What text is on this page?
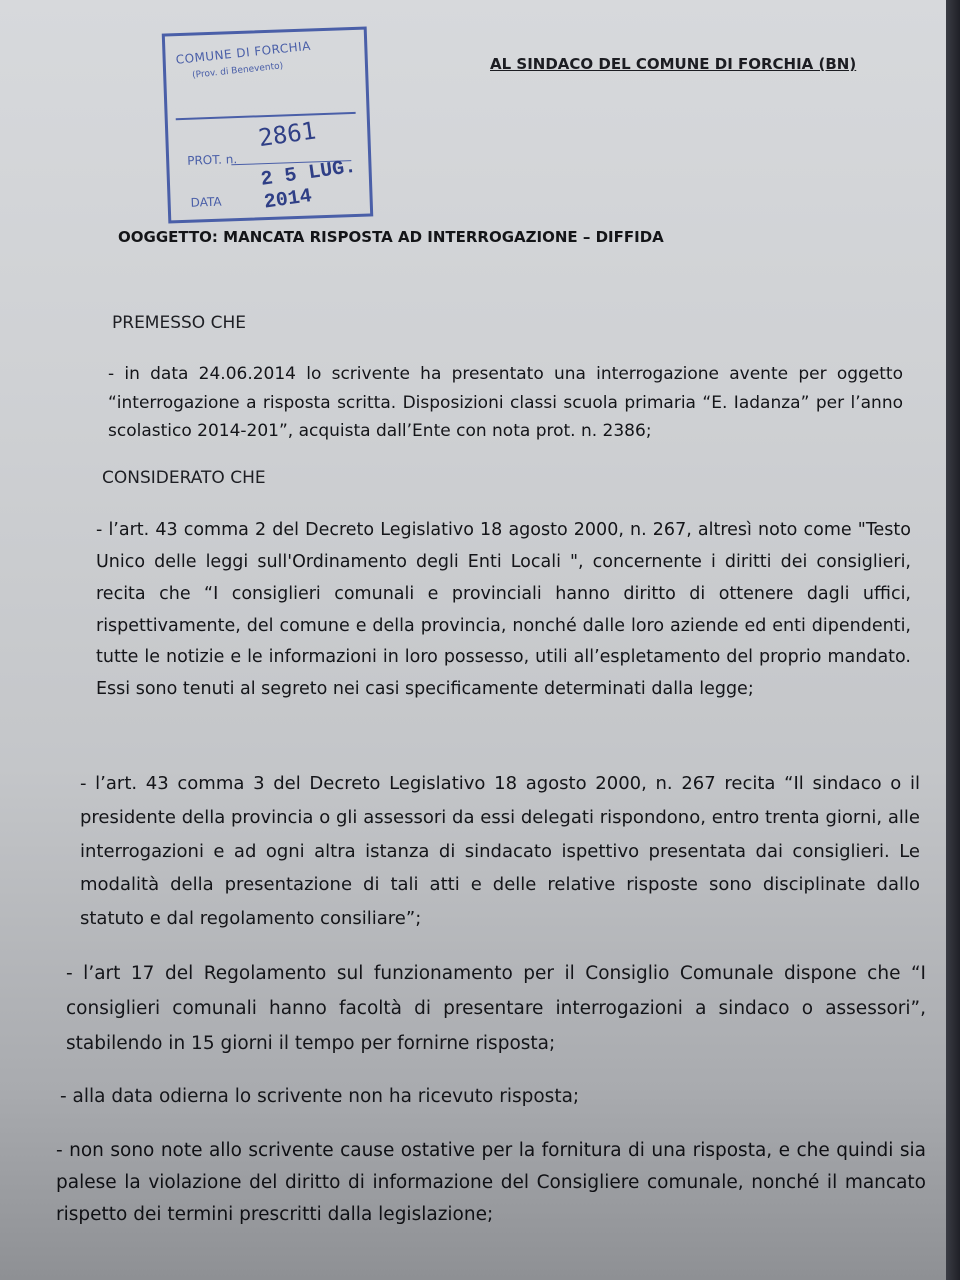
COMUNE DI FORCHIA
(Prov. di Benevento)
PROT. n.
2861
DATA
2 5 LUG. 2014
AL SINDACO DEL COMUNE DI FORCHIA (BN)
OOGGETTO: MANCATA RISPOSTA AD INTERROGAZIONE – DIFFIDA
PREMESSO CHE

- in data 24.06.2014 lo scrivente ha presentato una interrogazione avente per oggetto “interrogazione a risposta scritta. Disposizioni classi scuola primaria “E. Iadanza” per l’anno scolastico 2014-201”, acquista dall’Ente con nota prot. n. 2386;

CONSIDERATO CHE

- l’art. 43 comma 2 del Decreto Legislativo 18 agosto 2000, n. 267, altresì noto come "Testo Unico delle leggi sull'Ordinamento degli Enti Locali ", concernente i diritti dei consiglieri, recita che “I consiglieri comunali e provinciali hanno diritto di ottenere dagli uffici, rispettivamente, del comune e della provincia, nonché dalle loro aziende ed enti dipendenti, tutte le notizie e le informazioni in loro possesso, utili all’espletamento del proprio mandato. Essi sono tenuti al segreto nei casi specificamente determinati dalla legge;

- l’art. 43 comma 3 del Decreto Legislativo 18 agosto 2000, n. 267 recita “Il sindaco o il presidente della provincia o gli assessori da essi delegati rispondono, entro trenta giorni, alle interrogazioni e ad ogni altra istanza di sindacato ispettivo presentata dai consiglieri. Le modalità della presentazione di tali atti e delle relative risposte sono disciplinate dallo statuto e dal regolamento consiliare”;

- l’art 17 del Regolamento sul funzionamento per il Consiglio Comunale dispone che “I consiglieri comunali hanno facoltà di presentare interrogazioni a sindaco o assessori”, stabilendo in 15 giorni il tempo per fornirne risposta;

- alla data odierna lo scrivente non ha ricevuto risposta;

- non sono note allo scrivente cause ostative per la fornitura di una risposta, e che quindi sia palese la violazione del diritto di informazione del Consigliere comunale, nonché il mancato rispetto dei termini prescritti dalla legislazione;
